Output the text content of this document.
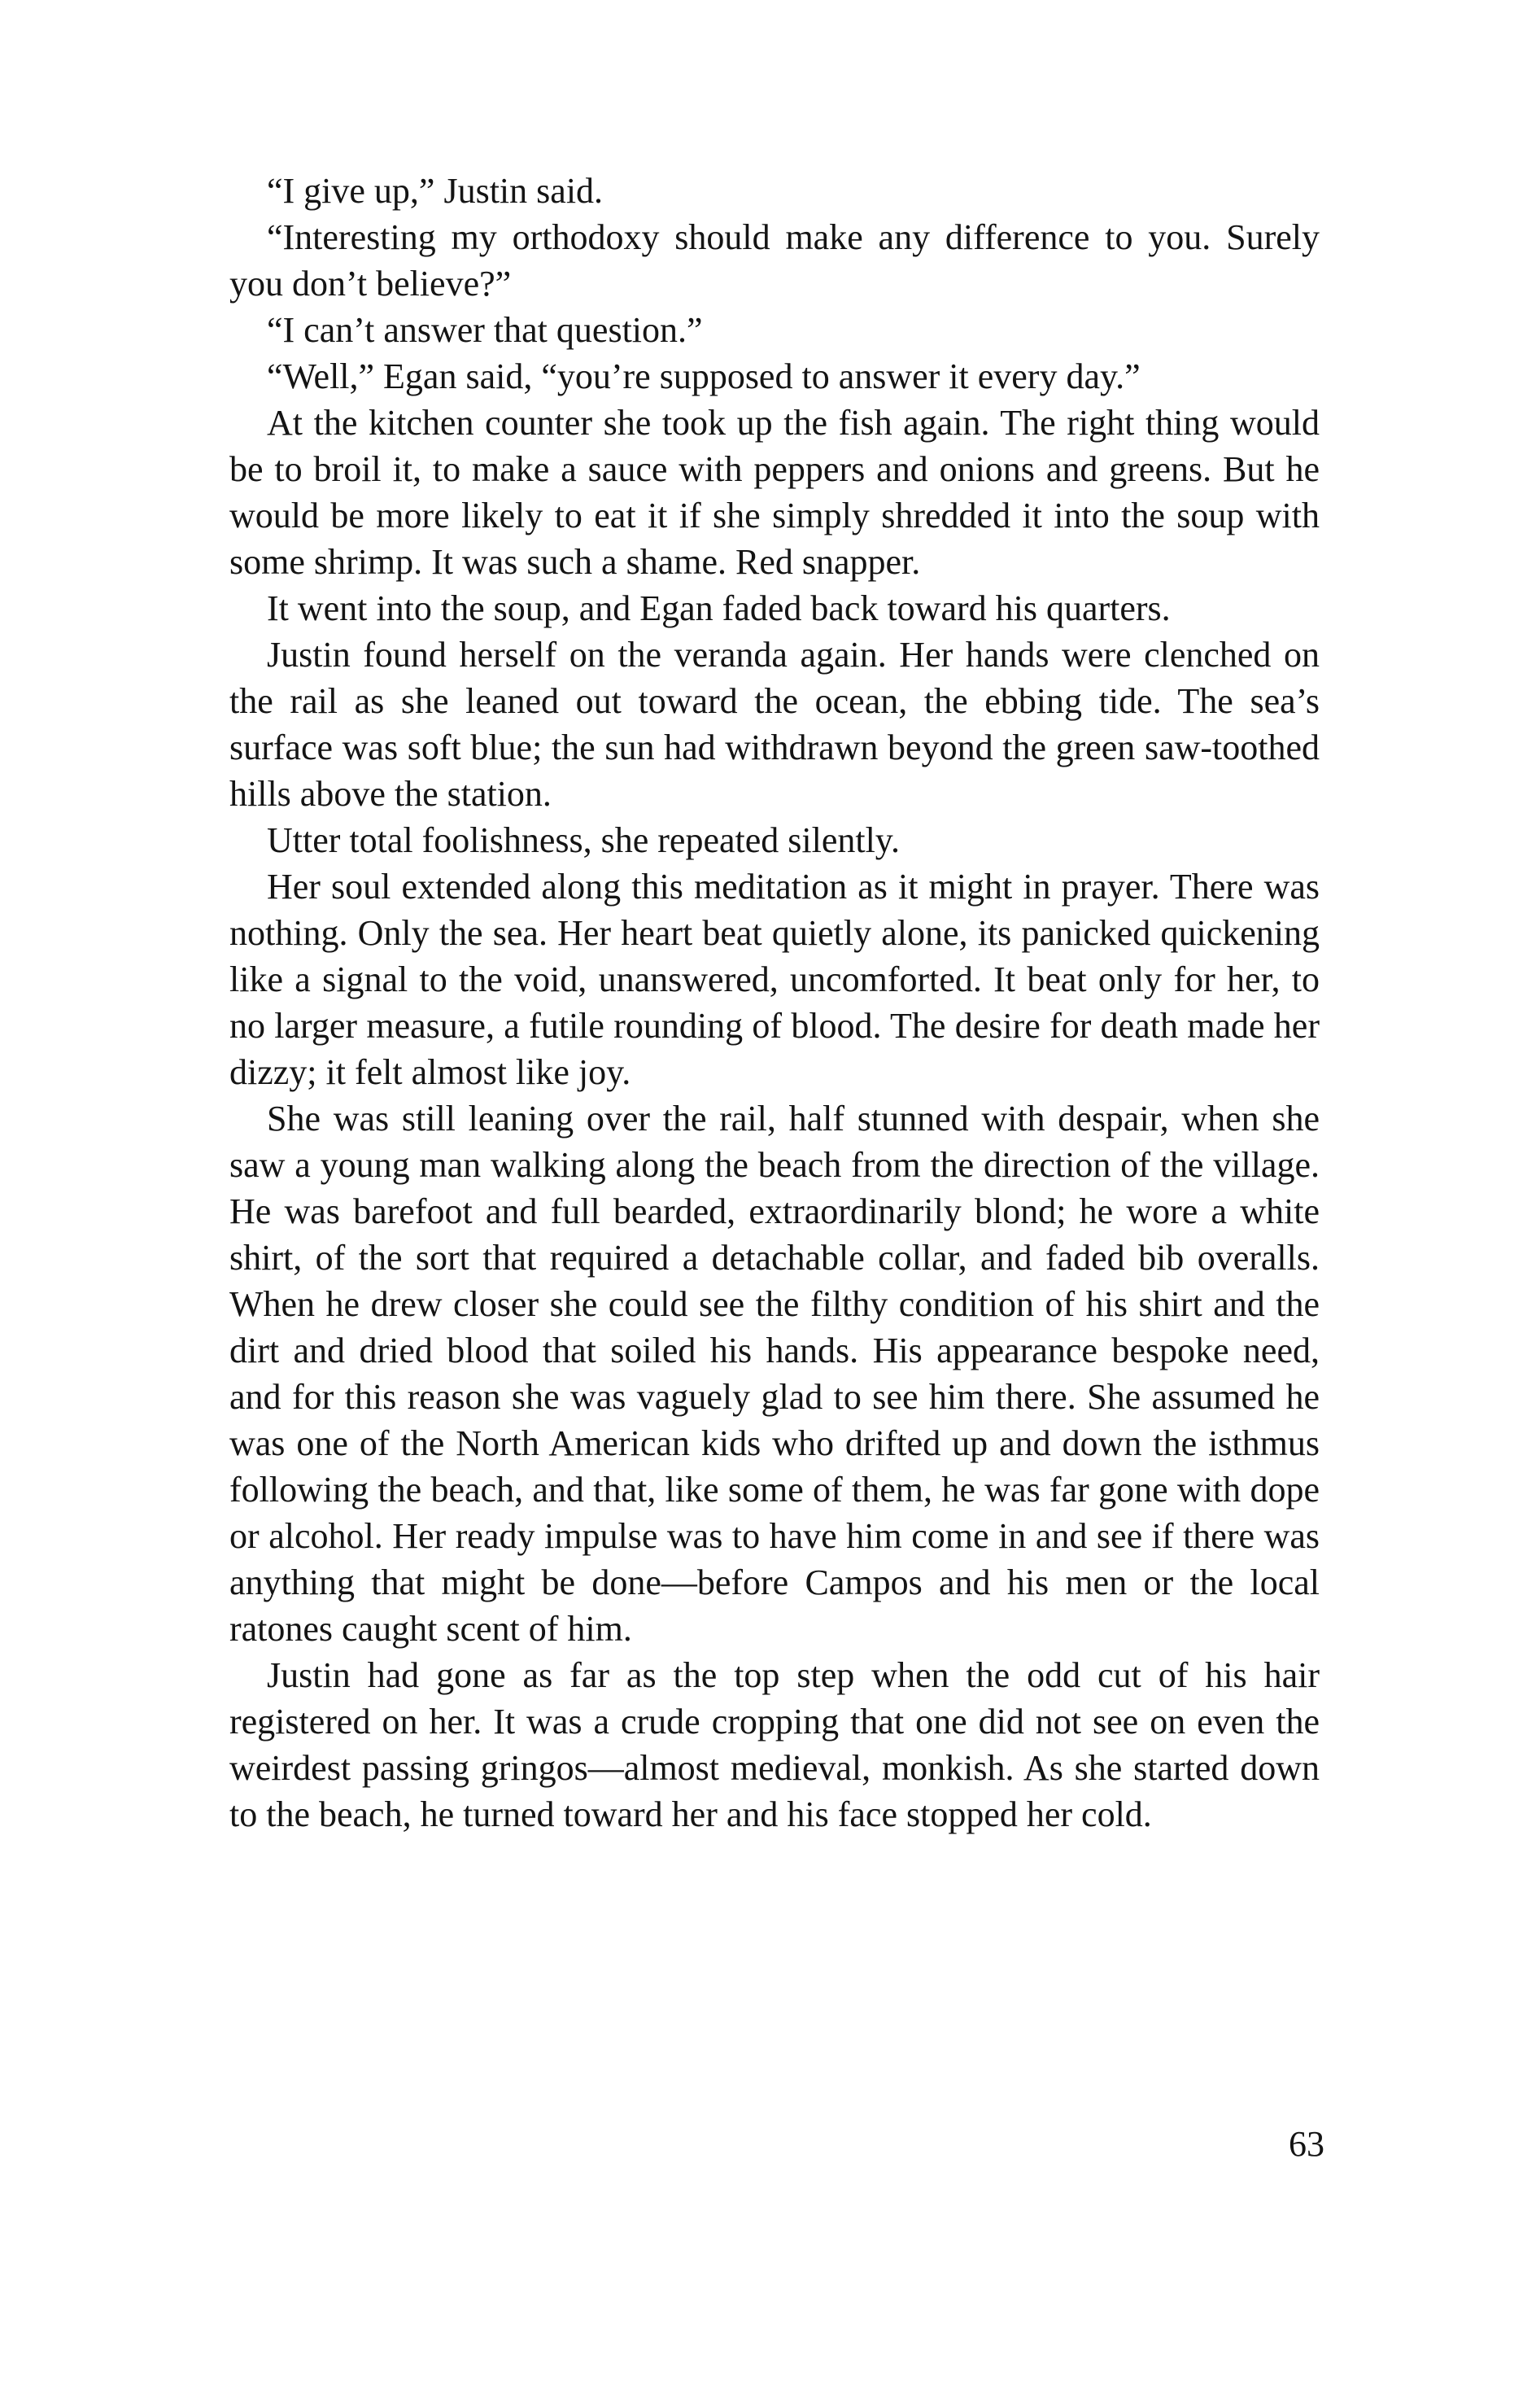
“I give up,” Justin said.

“Interesting my orthodoxy should make any difference to you. Surely you don’t believe?”

“I can’t answer that question.”

“Well,” Egan said, “you’re supposed to answer it every day.”

At the kitchen counter she took up the fish again. The right thing would be to broil it, to make a sauce with peppers and onions and greens. But he would be more likely to eat it if she simply shredded it into the soup with some shrimp. It was such a shame. Red snapper.

It went into the soup, and Egan faded back toward his quarters.

Justin found herself on the veranda again. Her hands were clenched on the rail as she leaned out toward the ocean, the ebbing tide. The sea’s surface was soft blue; the sun had withdrawn beyond the green saw-toothed hills above the station.

Utter total foolishness, she repeated silently.

Her soul extended along this meditation as it might in prayer. There was nothing. Only the sea. Her heart beat quietly alone, its panicked quickening like a signal to the void, unanswered, uncomforted. It beat only for her, to no larger measure, a futile rounding of blood. The desire for death made her dizzy; it felt almost like joy.

She was still leaning over the rail, half stunned with despair, when she saw a young man walking along the beach from the direction of the village. He was barefoot and full bearded, extraordinarily blond; he wore a white shirt, of the sort that required a detachable collar, and faded bib overalls. When he drew closer she could see the filthy condition of his shirt and the dirt and dried blood that soiled his hands. His appearance bespoke need, and for this reason she was vaguely glad to see him there. She assumed he was one of the North American kids who drifted up and down the isthmus following the beach, and that, like some of them, he was far gone with dope or alcohol. Her ready impulse was to have him come in and see if there was anything that might be done—before Campos and his men or the local ratones caught scent of him.

Justin had gone as far as the top step when the odd cut of his hair registered on her. It was a crude cropping that one did not see on even the weirdest passing gringos—almost medieval, monkish. As she started down to the beach, he turned toward her and his face stopped her cold.

63
